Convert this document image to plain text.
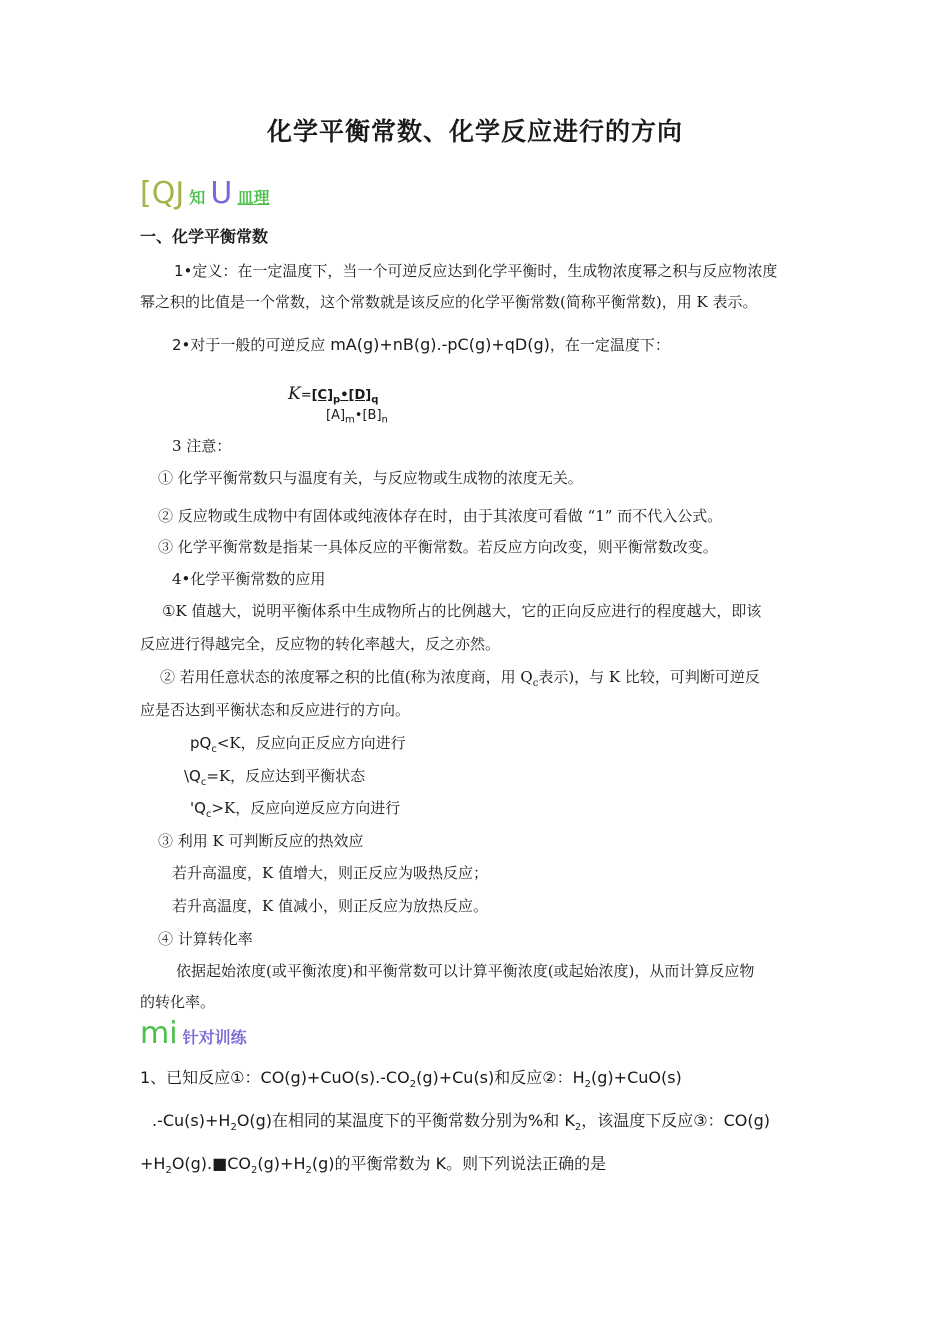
化学平衡常数、化学反应进行的方向
[QJ 知 U 皿理
一、化学平衡常数
1•定义：在一定温度下，当一个可逆反应达到化学平衡时，生成物浓度幂之积与反应物浓度
幂之积的比值是一个常数，这个常数就是该反应的化学平衡常数(简称平衡常数)，用 K 表示。
2•对于一般的可逆反应 mA(g)+nB(g).-pC(g)+qD(g)，在一定温度下：
$K=[C]_p•[D]_q$
$[A]_m•[B]_n$
3 注意：
① 化学平衡常数只与温度有关，与反应物或生成物的浓度无关。
② 反应物或生成物中有固体或纯液体存在时，由于其浓度可看做 “1” 而不代入公式。
③ 化学平衡常数是指某一具体反应的平衡常数。若反应方向改变，则平衡常数改变。
4•化学平衡常数的应用
①K 值越大，说明平衡体系中生成物所占的比例越大，它的正向反应进行的程度越大，即该
反应进行得越完全，反应物的转化率越大，反之亦然。
② 若用任意状态的浓度幂之积的比值(称为浓度商，用 $Q_c$表示)，与 K 比较，可判断可逆反
应是否达到平衡状态和反应进行的方向。
$pQ_c<K$，反应向正反应方向进行
$\backslash Q_c=K$，反应达到平衡状态
'$Q_c>K$，反应向逆反应方向进行
③ 利用 K 可判断反应的热效应
若升高温度，K 值增大，则正反应为吸热反应；
若升高温度，K 值减小，则正反应为放热反应。
④ 计算转化率
依据起始浓度(或平衡浓度)和平衡常数可以计算平衡浓度(或起始浓度)，从而计算反应物
的转化率。
mi 针对训练
1、已知反应①：$CO(g)+CuO(s).-CO_2(g)+Cu(s)$和反应②：$H_2(g)+CuO(s)$
$.-Cu(s)+H_2O(g)$在相同的某温度下的平衡常数分别为%和 $K_2$，该温度下反应③：CO(g)
$+H_2O(g).■CO_2(g)+H_2(g)$的平衡常数为 K。则下列说法正确的是
